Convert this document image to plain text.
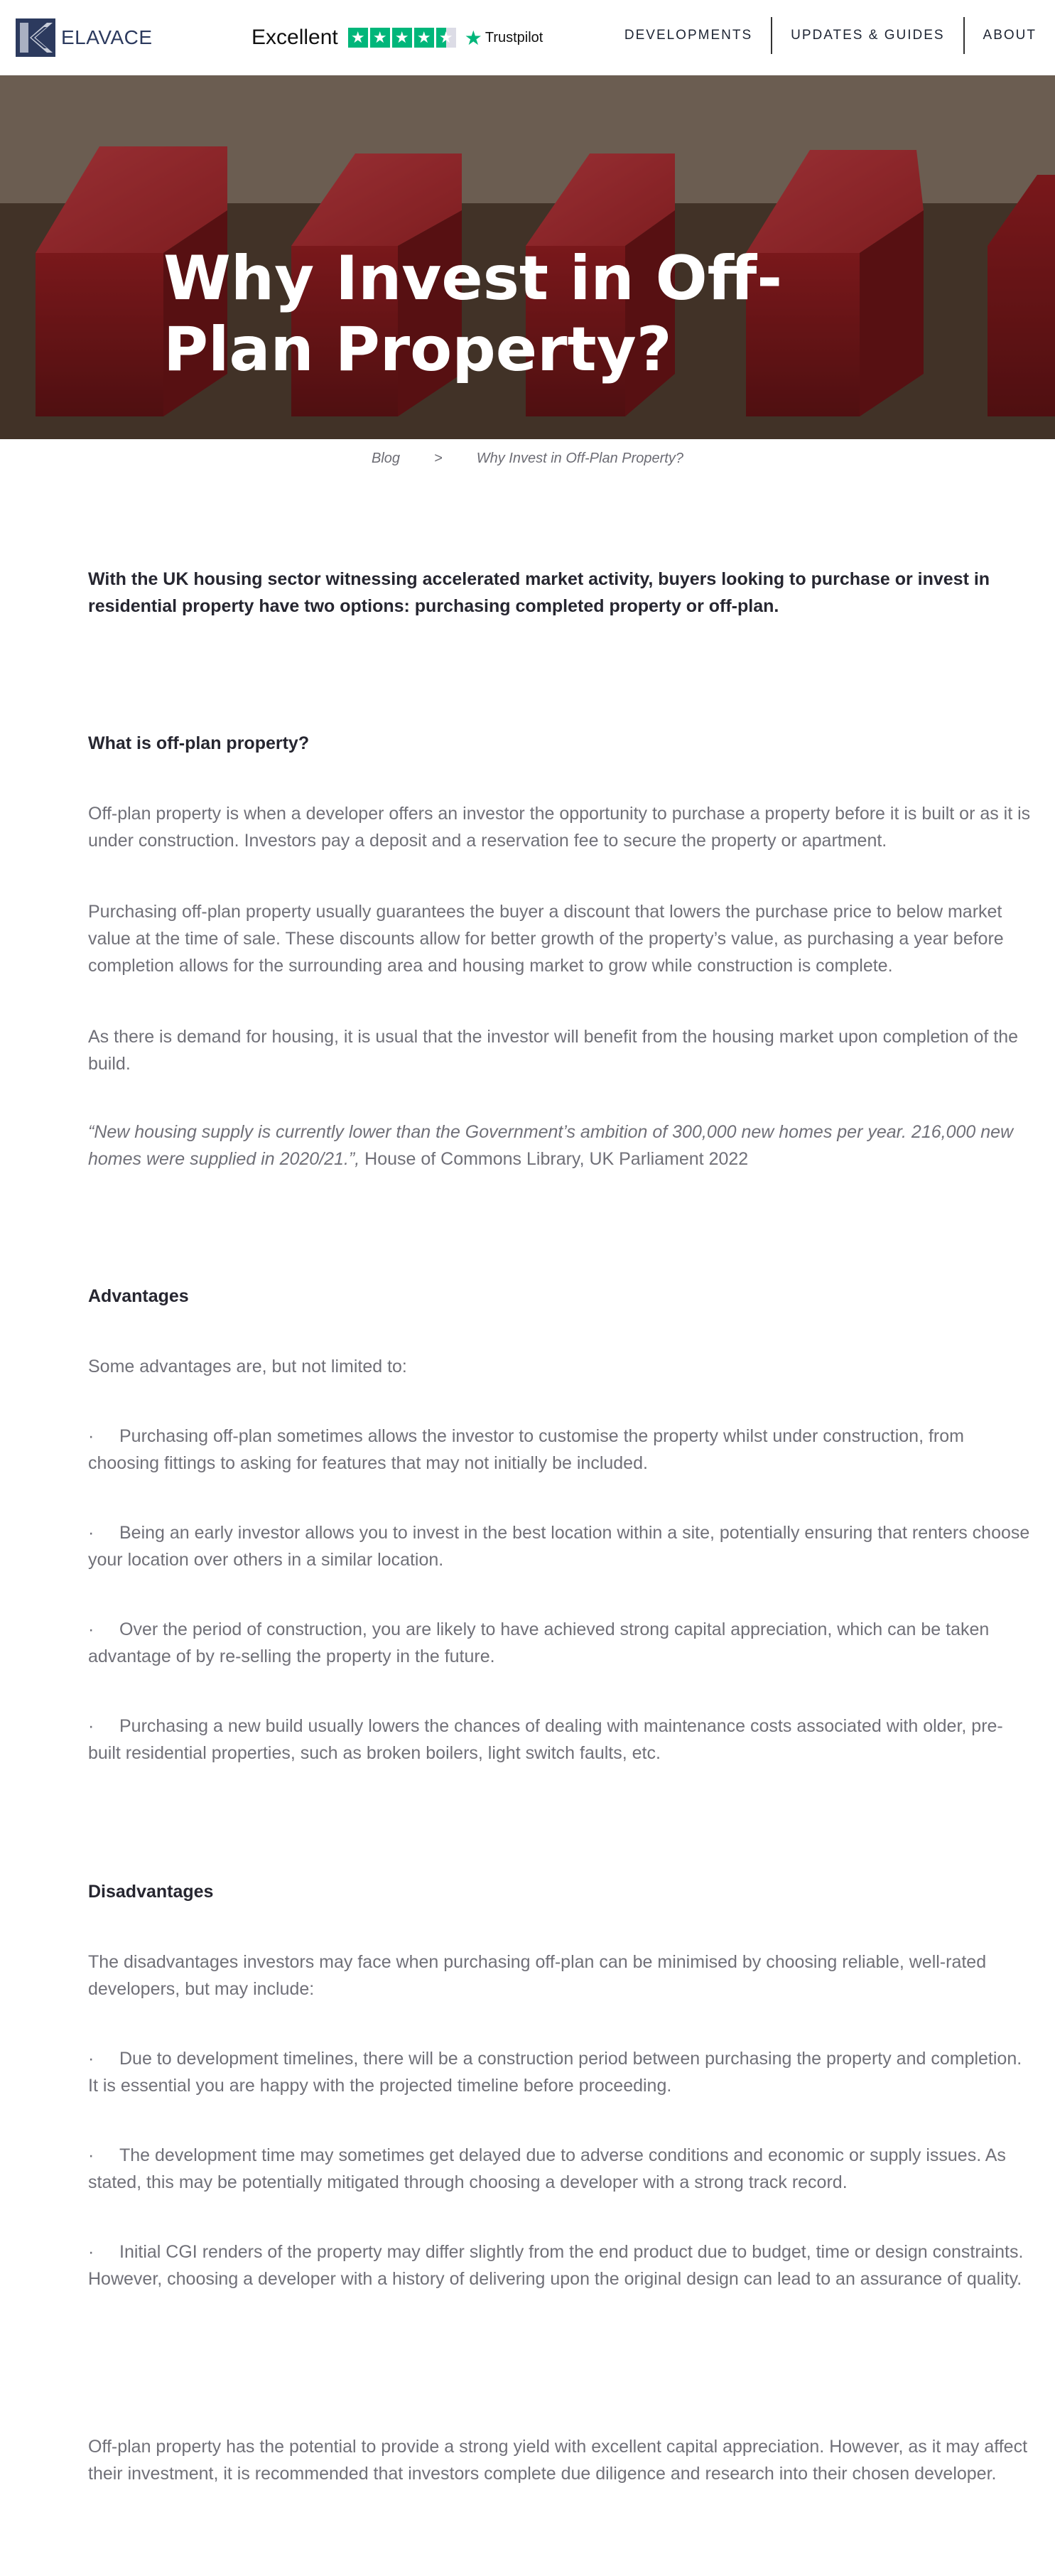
ELAVACE	Excellent ★ ★ ★ ★ ★ ★ Trustpilot	DEVELOPMENTS	UPDATES & GUIDES	ABOUT
Why Invest in Off-Plan Property?
Blog > Why Invest in Off-Plan Property?

With the UK housing sector witnessing accelerated market activity, buyers looking to purchase or invest in residential property have two options: purchasing completed property or off-plan.

What is off-plan property?

Off-plan property is when a developer offers an investor the opportunity to purchase a property before it is built or as it is under construction. Investors pay a deposit and a reservation fee to secure the property or apartment.

Purchasing off-plan property usually guarantees the buyer a discount that lowers the purchase price to below market value at the time of sale. These discounts allow for better growth of the property’s value, as purchasing a year before completion allows for the surrounding area and housing market to grow while construction is complete.

As there is demand for housing, it is usual that the investor will benefit from the housing market upon completion of the build.

“New housing supply is currently lower than the Government’s ambition of 300,000 new homes per year. 216,000 new homes were supplied in 2020/21.”, House of Commons Library, UK Parliament 2022

Advantages

Some advantages are, but not limited to:

· Purchasing off-plan sometimes allows the investor to customise the property whilst under construction, from choosing fittings to asking for features that may not initially be included.

· Being an early investor allows you to invest in the best location within a site, potentially ensuring that renters choose your location over others in a similar location.

· Over the period of construction, you are likely to have achieved strong capital appreciation, which can be taken advantage of by re-selling the property in the future.

· Purchasing a new build usually lowers the chances of dealing with maintenance costs associated with older, pre-built residential properties, such as broken boilers, light switch faults, etc.

Disadvantages

The disadvantages investors may face when purchasing off-plan can be minimised by choosing reliable, well-rated developers, but may include:

· Due to development timelines, there will be a construction period between purchasing the property and completion. It is essential you are happy with the projected timeline before proceeding.

· The development time may sometimes get delayed due to adverse conditions and economic or supply issues. As stated, this may be potentially mitigated through choosing a developer with a strong track record.

· Initial CGI renders of the property may differ slightly from the end product due to budget, time or design constraints. However, choosing a developer with a history of delivering upon the original design can lead to an assurance of quality.

Off-plan property has the potential to provide a strong yield with excellent capital appreciation. However, as it may affect their investment, it is recommended that investors complete due diligence and research into their chosen developer.
